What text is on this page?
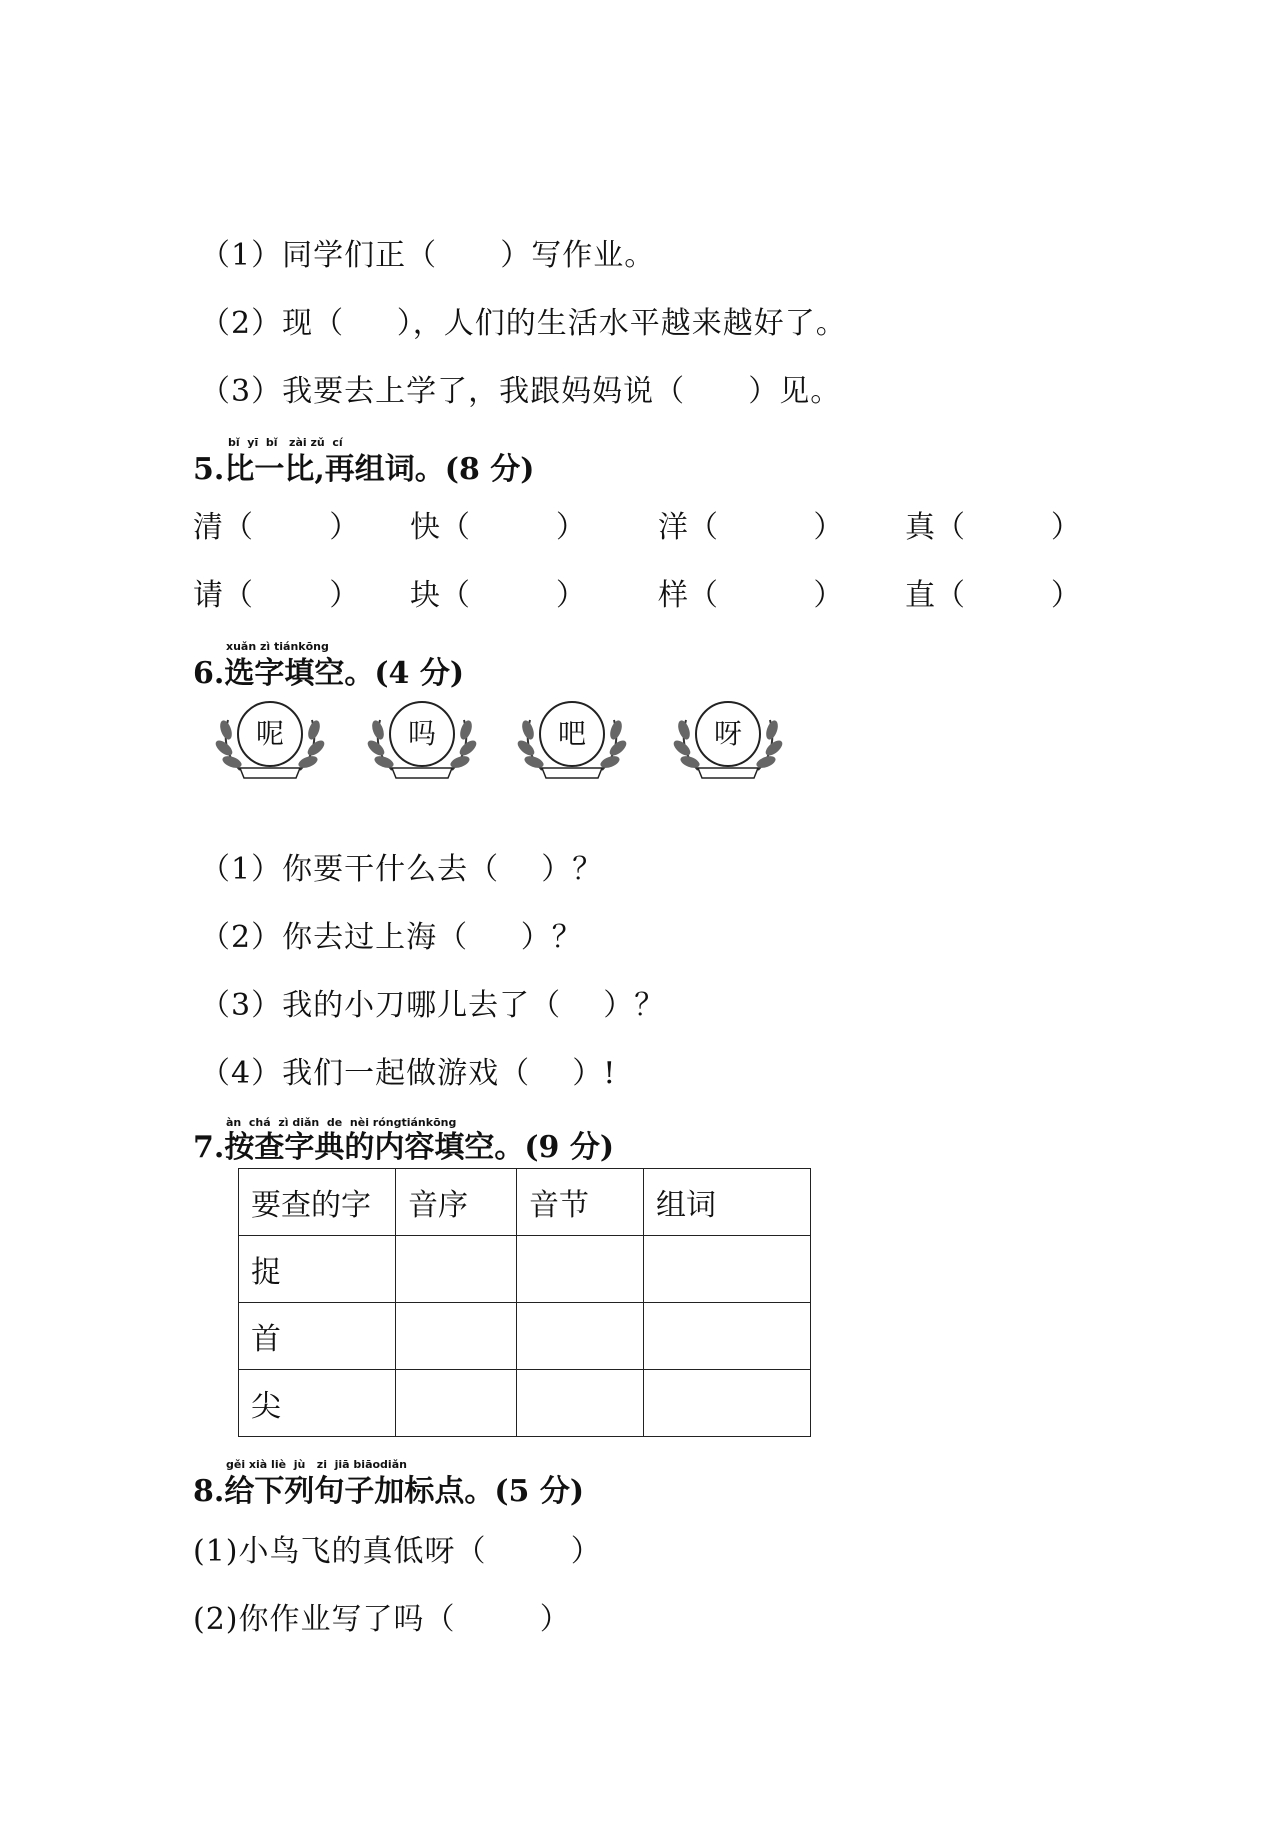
（1）同学们正（      ）写作业。
（2）现（     ），人们的生活水平越来越好了。
（3）我要去上学了，我跟妈妈说（      ）见。
bǐ  yī  bǐ   zài zǔ  cí
5.比一比,再组词。(8 分)
清（        ） 快（         ） 洋（          ） 真（         ）
请（        ） 块（         ） 样（          ） 直（         ）
xuǎn zì tiánkōng
6.选字填空。(4 分)
呢	吗	吧	呀
（1）你要干什么去（    ）？
（2）你去过上海（     ）？
（3）我的小刀哪儿去了（    ）？
（4）我们一起做游戏（    ）!
àn  chá  zì diǎn  de  nèi róngtiánkōng
7.按查字典的内容填空。(9 分)
要查的字	音序	音节	组词
捉			
首			
尖			
gěi xià liè  jù   zi  jiā biāodiǎn
8.给下列句子加标点。(5 分)
(1)小鸟飞的真低呀（        ）
(2)你作业写了吗（        ）
